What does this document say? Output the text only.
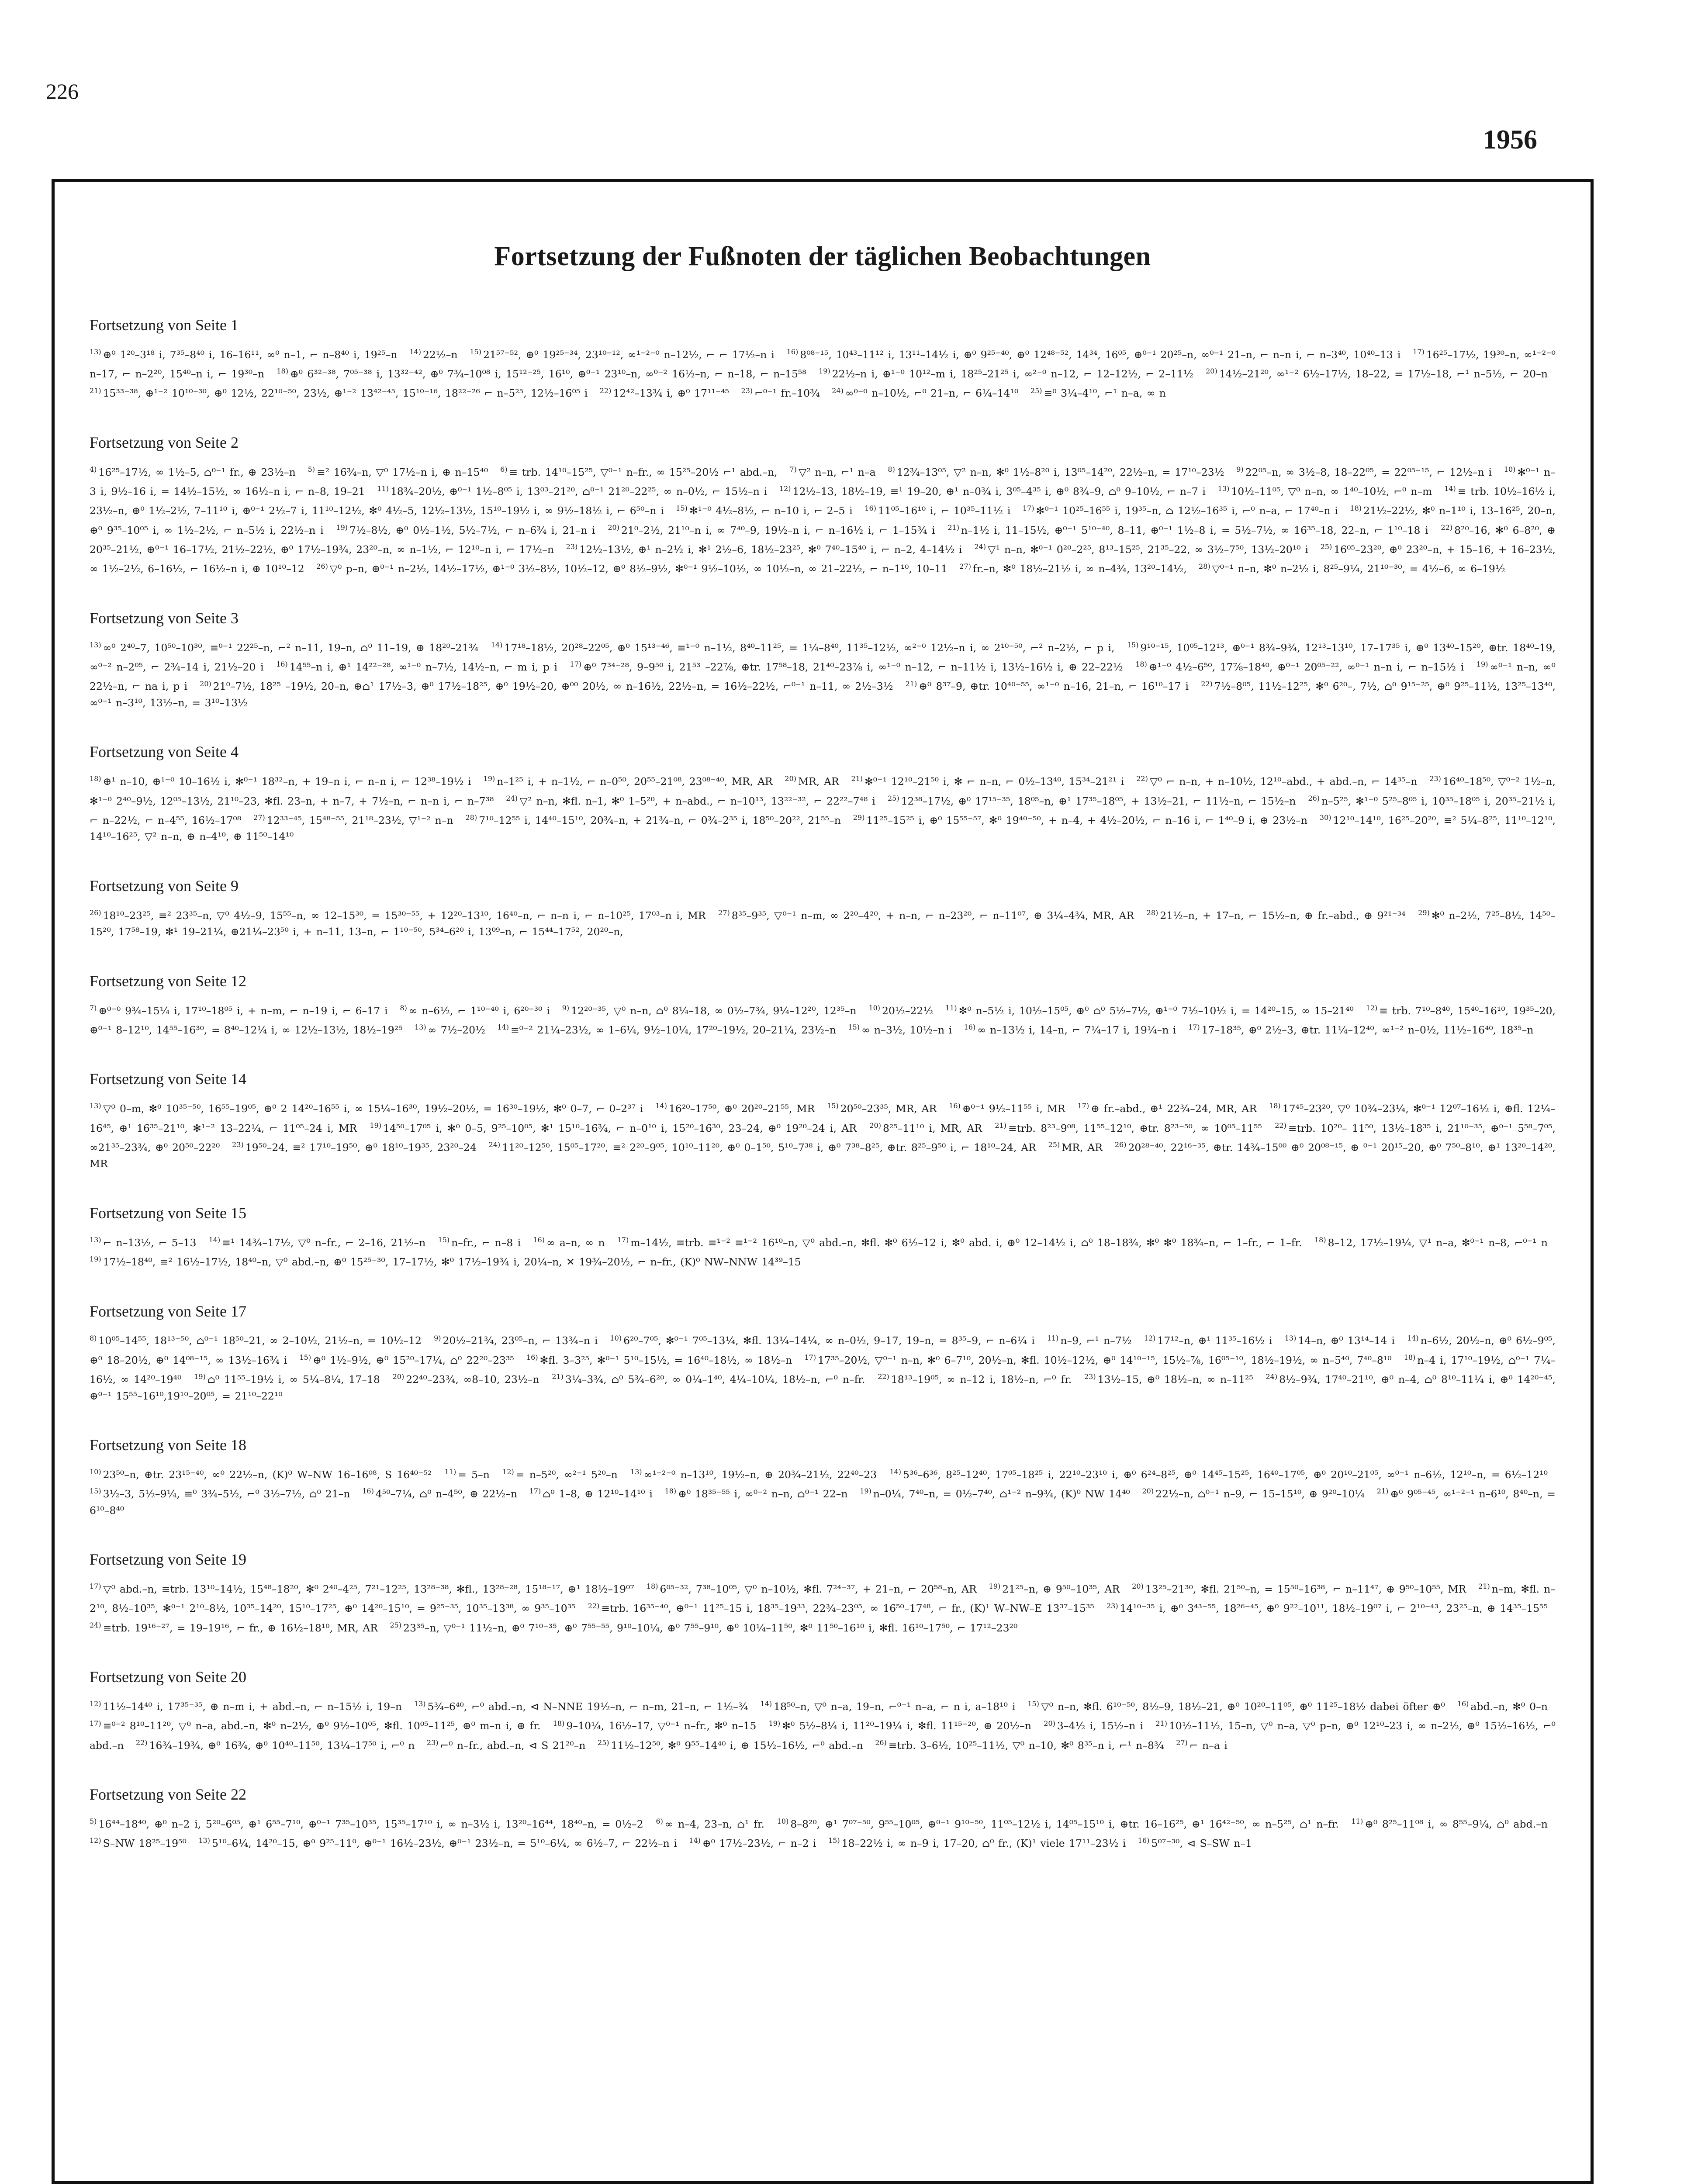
226
1956
Fortsetzung der Fußnoten der täglichen Beobachtungen
Fortsetzung von Seite 1
$^{13)}$ ⊕⁰ 1²⁰–3¹⁸ i, 7³⁵–8⁴⁰ i, 16–16¹¹, ∞⁰ n–1, ⌐ n–8⁴⁰ i, 19²⁵–n $^{14)}$ 22½–n $^{15)}$ 21⁵⁷⁻⁵², ⊕⁰ 19²⁵⁻³⁴, 23¹⁰⁻¹², ∞¹⁻²⁻⁰ n–12½, ⌐ ⌐ 17½–n i $^{16)}$ 8⁰⁸⁻¹⁵, 10⁴³–11¹² i, 13¹¹–14½ i, ⊕⁰ 9²⁵⁻⁴⁰, ⊕⁰ 12⁴⁸⁻⁵², 14³⁴, 16⁰⁵, ⊕⁰⁻¹ 20²⁵–n, ∞⁰⁻¹ 21–n, ⌐ n–n i, ⌐ n–3⁴⁰, 10⁴⁰–13 i $^{17)}$ 16²⁵–17½, 19³⁰–n, ∞¹⁻²⁻⁰ n–17, ⌐ n–2²⁰, 15⁴⁰–n i, ⌐ 19³⁰–n $^{18)}$ ⊕⁰ 6³²⁻³⁸, 7⁰⁵⁻³⁸ i, 13³²⁻⁴², ⊕⁰ 7¾–10⁰⁸ i, 15¹²⁻²⁵, 16¹⁰, ⊕⁰⁻¹ 23¹⁰–n, ∞⁰⁻² 16½–n, ⌐ n–18, ⌐ n–15⁵⁸ $^{19)}$ 22½–n i, ⊕¹⁻⁰ 10¹²–m i, 18²⁵–21²⁵ i, ∞²⁻⁰ n–12, ⌐ 12–12½, ⌐ 2–11½ $^{20)}$ 14½–21²⁰, ∞¹⁻² 6½–17½, 18–22, = 17½–18, ⌐¹ n–5½, ⌐ 20–n $^{21)}$ 15³³⁻³⁸, ⊕¹⁻² 10¹⁰⁻³⁰, ⊕⁰ 12½, 22¹⁰⁻⁵⁰, 23½, ⊕¹⁻² 13⁴²⁻⁴⁵, 15¹⁰⁻¹⁶, 18²²⁻²⁶ ⌐ n–5²⁵, 12½–16⁰⁵ i $^{22)}$ 12⁴²–13¾ i, ⊕⁰ 17¹¹⁻⁴⁵ $^{23)}$ ⌐⁰⁻¹ fr.–10¾ $^{24)}$ ∞⁰⁻⁰ n–10½, ⌐⁰ 21–n, ⌐ 6¼–14¹⁰ $^{25)}$ ≡⁰ 3¼–4¹⁰, ⌐¹ n–a, ∞ n
Fortsetzung von Seite 2
$^{4)}$ 16²⁵–17½, ∞ 1½–5, ⌂⁰⁻¹ fr., ⊕ 23½–n $^{5)}$ ≡² 16¾–n, ▽⁰ 17½–n i, ⊕ n–15⁴⁰ $^{6)}$ ≡ trb. 14¹⁰–15²⁵, ▽⁰⁻¹ n–fr., ∞ 15²⁵–20½ ⌐¹ abd.–n, $^{7)}$ ▽² n–n, ⌐¹ n–a $^{8)}$ 12¾–13⁰⁵, ▽² n–n, ✻⁰ 1½–8²⁰ i, 13⁰⁵–14²⁰, 22½–n, = 17¹⁰–23½ $^{9)}$ 22⁰⁵–n, ∞ 3½–8, 18–22⁰⁵, = 22⁰⁵⁻¹⁵, ⌐ 12½–n i $^{10)}$ ✻⁰⁻¹ n–3 i, 9½–16 i, = 14½–15½, ∞ 16½–n i, ⌐ n–8, 19–21 $^{11)}$ 18¾–20½, ⊕⁰⁻¹ 1½–8⁰⁵ i, 13⁰³–21²⁰, ⌂⁰⁻¹ 21²⁰–22²⁵, ∞ n–0½, ⌐ 15½–n i $^{12)}$ 12½–13, 18½–19, ≡¹ 19–20, ⊕¹ n–0¾ i, 3⁰⁵–4³⁵ i, ⊕⁰ 8¾–9, ⌂⁰ 9–10½, ⌐ n–7 i $^{13)}$ 10½–11⁰⁵, ▽⁰ n–n, ∞ 1⁴⁰–10½, ⌐⁰ n–m $^{14)}$ ≡ trb. 10½–16½ i, 23½–n, ⊕⁰ 1½–2½, 7–11¹⁰ i, ⊕⁰⁻¹ 2½–7 i, 11¹⁰–12½, ✻⁰ 4½–5, 12½–13½, 15¹⁰–19½ i, ∞ 9½–18½ i, ⌐ 6⁵⁰–n i $^{15)}$ ✻¹⁻⁰ 4½–8½, ⌐ n–10 i, ⌐ 2–5 i $^{16)}$ 11⁰⁵–16¹⁰ i, ⌐ 10³⁵–11½ i $^{17)}$ ✻⁰⁻¹ 10²⁵–16⁵⁵ i, 19³⁵–n, ⌂ 12½–16³⁵ i, ⌐⁰ n–a, ⌐ 17⁴⁰–n i $^{18)}$ 21½–22½, ✻⁰ n–1¹⁰ i, 13–16²⁵, 20–n, ⊕⁰ 9³⁵–10⁰⁵ i, ∞ 1½–2½, ⌐ n–5½ i, 22½–n i $^{19)}$ 7½–8½, ⊕⁰ 0½–1½, 5½–7½, ⌐ n–6¾ i, 21–n i $^{20)}$ 21⁰–2½, 21¹⁰–n i, ∞ 7⁴⁰–9, 19½–n i, ⌐ n–16½ i, ⌐ 1–15¾ i $^{21)}$ n–1½ i, 11–15½, ⊕⁰⁻¹ 5¹⁰⁻⁴⁰, 8–11, ⊕⁰⁻¹ 1½–8 i, = 5½–7½, ∞ 16³⁵–18, 22–n, ⌐ 1¹⁰–18 i $^{22)}$ 8²⁰–16, ✻⁰ 6–8²⁰, ⊕ 20³⁵–21½, ⊕⁰⁻¹ 16–17½, 21½–22½, ⊕⁰ 17½–19¾, 23²⁰–n, ∞ n–1½, ⌐ 12¹⁰–n i, ⌐ 17½–n $^{23)}$ 12½–13½, ⊕¹ n–2½ i, ✻¹ 2½–6, 18½–23²⁵, ✻⁰ 7⁴⁰–15⁴⁰ i, ⌐ n–2, 4–14½ i $^{24)}$ ▽¹ n–n, ✻⁰⁻¹ 0²⁰–2²⁵, 8¹³–15²⁵, 21³⁵–22, ∞ 3½–7⁵⁰, 13½–20¹⁰ i $^{25)}$ 16⁰⁵–23²⁰, ⊕⁰ 23²⁰–n, + 15–16, + 16–23½, ∞ 1½–2½, 6–16½, ⌐ 16½–n i, ⊕ 10¹⁰–12 $^{26)}$ ▽⁰ p–n, ⊕⁰⁻¹ n–2½, 14½–17½, ⊕¹⁻⁰ 3½–8½, 10½–12, ⊕⁰ 8½–9½, ✻⁰⁻¹ 9½–10½, ∞ 10½–n, ∞ 21–22½, ⌐ n–1¹⁰, 10–11 $^{27)}$ fr.–n, ✻⁰ 18½–21½ i, ∞ n–4¾, 13²⁰–14½, $^{28)}$ ▽⁰⁻¹ n–n, ✻⁰ n–2½ i, 8²⁵–9¼, 21¹⁰⁻³⁰, = 4½–6, ∞ 6–19½
Fortsetzung von Seite 3
$^{13)}$ ∞⁰ 2⁴⁰–7, 10⁵⁰–10³⁰, ≡⁰⁻¹ 22²⁵–n, ⌐² n–11, 19–n, ⌂⁰ 11–19, ⊕ 18²⁰–21¾ $^{14)}$ 17¹⁸–18½, 20²⁸–22⁰⁵, ⊕⁰ 15¹³⁻⁴⁶, ≡¹⁻⁰ n–1½, 8⁴⁰–11²⁵, = 1¼–8⁴⁰, 11³⁵–12½, ∞²⁻⁰ 12½–n i, ∞ 2¹⁰⁻⁵⁰, ⌐² n–2½, ⌐ p i, $^{15)}$ 9¹⁰⁻¹⁵, 10⁰⁵–12¹³, ⊕⁰⁻¹ 8¾–9¾, 12¹³–13¹⁰, 17–17³⁵ i, ⊕⁰ 13⁴⁰–15²⁰, ⊕tr. 18⁴⁰–19, ∞⁰⁻² n–2⁰⁵, ⌐ 2¾–14 i, 21½–20 i $^{16)}$ 14⁵⁵–n i, ⊕¹ 14²²⁻²⁸, ∞¹⁻⁰ n–7½, 14½–n, ⌐ m i, p i $^{17)}$ ⊕⁰ 7³⁴⁻²⁸, 9–9⁵⁰ i, 21⁵³ –22⅞, ⊕tr. 17⁵⁸–18, 21⁴⁰–23⅞ i, ∞¹⁻⁰ n–12, ⌐ n–11½ i, 13½–16½ i, ⊕ 22–22½ $^{18)}$ ⊕¹⁻⁰ 4½–6⁵⁰, 17⅞–18⁴⁰, ⊕⁰⁻¹ 20⁰⁵⁻²², ∞⁰⁻¹ n–n i, ⌐ n–15½ i $^{19)}$ ∞⁰⁻¹ n–n, ∞⁰ 22½–n, ⌐ na i, p i $^{20)}$ 21⁰–7½, 18²⁵ –19½, 20–n, ⊕⌂¹ 17½–3, ⊕⁰ 17½–18²⁵, ⊕⁰ 19½–20, ⊕⁰⁰ 20½, ∞ n–16½, 22½–n, = 16½–22½, ⌐⁰⁻¹ n–11, ∞ 2½–3½ $^{21)}$ ⊕⁰ 8³⁷–9, ⊕tr. 10⁴⁰⁻⁵⁵, ∞¹⁻⁰ n–16, 21–n, ⌐ 16¹⁰–17 i $^{22)}$ 7½–8⁰⁵, 11½–12²⁵, ✻⁰ 6²⁰–, 7½, ⌂⁰ 9¹⁵⁻²⁵, ⊕⁰ 9²⁵–11½, 13²⁵–13⁴⁰, ∞⁰⁻¹ n–3¹⁰, 13½–n, = 3¹⁰–13½
Fortsetzung von Seite 4
$^{18)}$ ⊕¹ n–10, ⊕¹⁻⁰ 10–16½ i, ✻⁰⁻¹ 18³²–n, + 19–n i, ⌐ n–n i, ⌐ 12³⁸–19½ i $^{19)}$ n–1²⁵ i, + n–1½, ⌐ n–0⁵⁰, 20⁵⁵–21⁰⁸, 23⁰⁸⁻⁴⁰, MR, AR $^{20)}$ MR, AR $^{21)}$ ✻⁰⁻¹ 12¹⁰–21⁵⁰ i, ✻ ⌐ n–n, ⌐ 0½–13⁴⁰, 15³⁴–21²¹ i $^{22)}$ ▽⁰ ⌐ n–n, + n–10½, 12¹⁰–abd., + abd.–n, ⌐ 14³⁵–n $^{23)}$ 16⁴⁰–18⁵⁰, ▽⁰⁻² 1½–n, ✻¹⁻⁰ 2⁴⁰–9½, 12⁰⁵–13½, 21¹⁰–23, ✻fl. 23–n, + n–7, + 7½–n, ⌐ n–n i, ⌐ n–7³⁸ $^{24)}$ ▽² n–n, ✻fl. n–1, ✻⁰ 1–5²⁰, + n–abd., ⌐ n–10¹³, 13²²⁻³², ⌐ 22²²–7⁴⁸ i $^{25)}$ 12³⁸–17½, ⊕⁰ 17¹⁵⁻³⁵, 18⁰⁵–n, ⊕¹ 17³⁵–18⁰⁵, + 13½–21, ⌐ 11½–n, ⌐ 15½–n $^{26)}$ n–5²⁵, ✻¹⁻⁰ 5²⁵–8⁰⁵ i, 10³⁵–18⁰⁵ i, 20³⁵–21½ i, ⌐ n–22½, ⌐ n–4⁵⁵, 16½–17⁰⁸ $^{27)}$ 12³³⁻⁴⁵, 15⁴⁸⁻⁵⁵, 21¹⁸–23½, ▽¹⁻² n–n $^{28)}$ 7¹⁰–12⁵⁵ i, 14⁴⁰–15¹⁰, 20¾–n, + 21¾–n, ⌐ 0¾–2³⁵ i, 18⁵⁰–20²², 21⁵⁵–n $^{29)}$ 11²⁵–15²⁵ i, ⊕⁰ 15⁵⁵⁻⁵⁷, ✻⁰ 19⁴⁰⁻⁵⁰, + n–4, + 4½–20½, ⌐ n–16 i, ⌐ 1⁴⁰–9 i, ⊕ 23½–n $^{30)}$ 12¹⁰–14¹⁰, 16²⁵–20²⁰, ≡² 5¼–8²⁵, 11¹⁰–12¹⁰, 14¹⁰–16²⁵, ▽² n–n, ⊕ n–4¹⁰, ⊕ 11⁵⁰–14¹⁰
Fortsetzung von Seite 9
$^{26)}$ 18¹⁰–23²⁵, ≡² 23³⁵–n, ▽⁰ 4½–9, 15⁵⁵–n, ∞ 12–15³⁰, = 15³⁰⁻⁵⁵, + 12²⁰–13¹⁰, 16⁴⁰–n, ⌐ n–n i, ⌐ n–10²⁵, 17⁰³–n i, MR $^{27)}$ 8³⁵–9³⁵, ▽⁰⁻¹ n–m, ∞ 2²⁰–4²⁰, + n–n, ⌐ n–23²⁰, ⌐ n–11⁰⁷, ⊕ 3¼–4¾, MR, AR $^{28)}$ 21½–n, + 17–n, ⌐ 15½–n, ⊕ fr.–abd., ⊕ 9²¹⁻³⁴ $^{29)}$ ✻⁰ n–2½, 7²⁵–8½, 14⁵⁰–15²⁰, 17⁵⁸–19, ✻¹ 19–21¼, ⊕21¼–23⁵⁰ i, + n–11, 13–n, ⌐ 1¹⁰⁻⁵⁰, 5³⁴–6²⁰ i, 13⁰⁹–n, ⌐ 15⁴⁴–17⁵², 20²⁰–n,
Fortsetzung von Seite 12
$^{7)}$ ⊕⁰⁻⁰ 9¾–15¼ i, 17¹⁰–18⁰⁵ i, + n–m, ⌐ n–19 i, ⌐ 6–17 i $^{8)}$ ∞ n–6½, ⌐ 1¹⁰⁻⁴⁰ i, 6²⁰⁻³⁰ i $^{9)}$ 12²⁰⁻³⁵, ▽⁰ n–n, ⌂⁰ 8¼–18, ∞ 0½–7¾, 9¼–12²⁰, 12³⁵–n $^{10)}$ 20½–22½ $^{11)}$ ✻⁰ n–5½ i, 10½–15⁰⁵, ⊕⁰ ⌂⁰ 5½–7½, ⊕¹⁻⁰ 7½–10½ i, = 14²⁰–15, ∞ 15–21⁴⁰ $^{12)}$ ≡ trb. 7¹⁰–8⁴⁰, 15⁴⁰–16¹⁰, 19³⁵–20, ⊕⁰⁻¹ 8–12¹⁰, 14⁵⁵–16³⁰, = 8⁴⁰–12¼ i, ∞ 12½–13½, 18½–19²⁵ $^{13)}$ ∞ 7½–20½ $^{14)}$ ≡⁰⁻² 21¼–23½, ∞ 1–6¼, 9½–10¼, 17²⁰–19½, 20–21¼, 23½–n $^{15)}$ ∞ n–3½, 10½–n i $^{16)}$ ∞ n–13½ i, 14–n, ⌐ 7¼–17 i, 19¼–n i $^{17)}$ 17–18³⁵, ⊕⁰ 2½–3, ⊕tr. 11¼–12⁴⁰, ∞¹⁻² n–0½, 11½–16⁴⁰, 18³⁵–n
Fortsetzung von Seite 14
$^{13)}$ ▽⁰ 0–m, ✻⁰ 10³⁵⁻⁵⁰, 16⁵⁵–19⁰⁵, ⊕⁰ 2 14²⁰–16⁵⁵ i, ∞ 15¼–16³⁰, 19½–20½, = 16³⁰–19½, ✻⁰ 0–7, ⌐ 0–2³⁷ i $^{14)}$ 16²⁰–17⁵⁰, ⊕⁰ 20²⁰–21⁵⁵, MR $^{15)}$ 20⁵⁰–23³⁵, MR, AR $^{16)}$ ⊕⁰⁻¹ 9½–11⁵⁵ i, MR $^{17)}$ ⊕ fr.–abd., ⊕¹ 22¾–24, MR, AR $^{18)}$ 17⁴⁵–23²⁰, ▽⁰ 10¾–23¼, ✻⁰⁻¹ 12⁰⁷–16½ i, ⊕fl. 12¼–16⁴⁵, ⊕¹ 16³⁵–21¹⁰, ✻¹⁻² 13–22¼, ⌐ 11⁰⁵–24 i, MR $^{19)}$ 14⁵⁰–17⁰⁵ i, ✻⁰ 0–5, 9²⁵–10⁰⁵, ✻¹ 15¹⁰–16¾, ⌐ n–0¹⁰ i, 15²⁰–16³⁰, 23–24, ⊕⁰ 19²⁰–24 i, AR $^{20)}$ 8²⁵–11¹⁰ i, MR, AR $^{21)}$ ≡trb. 8²³–9⁰⁸, 11⁵⁵–12¹⁰, ⊕tr. 8²³⁻⁵⁰, ∞ 10⁰⁵–11⁵⁵ $^{22)}$ ≡trb. 10²⁰– 11⁵⁰, 13½–18³⁵ i, 21¹⁰⁻³⁵, ⊕⁰⁻¹ 5⁵⁸–7⁰⁵, ∞21³⁵–23¾, ⊕⁰ 20⁵⁰–22²⁰ $^{23)}$ 19⁵⁰–24, ≡² 17¹⁰–19⁵⁰, ⊕⁰ 18¹⁰–19³⁵, 23²⁰–24 $^{24)}$ 11²⁰–12⁵⁰, 15⁰⁵–17²⁰, ≡² 2²⁰–9⁰⁵, 10¹⁰–11²⁰, ⊕⁰ 0–1⁵⁰, 5¹⁰–7³⁸ i, ⊕⁰ 7³⁸–8²⁵, ⊕tr. 8²⁵–9⁵⁰ i, ⌐ 18¹⁰–24, AR $^{25)}$ MR, AR $^{26)}$ 20²⁸⁻⁴⁰, 22¹⁶⁻³⁵, ⊕tr. 14¾–15⁰⁰ ⊕⁰ 20⁰⁸⁻¹⁵, ⊕ ⁰⁻¹ 20¹⁵–20, ⊕⁰ 7⁵⁰–8¹⁰, ⊕¹ 13²⁰–14²⁰, MR
Fortsetzung von Seite 15
$^{13)}$ ⌐ n–13½, ⌐ 5–13 $^{14)}$ ≡¹ 14¾–17½, ▽⁰ n–fr., ⌐ 2–16, 21½–n $^{15)}$ n–fr., ⌐ n–8 i $^{16)}$ ∞ a–n, ∞ n $^{17)}$ m–14½, ≡trb. ≡¹⁻² ≡¹⁻² 16¹⁰–n, ▽⁰ abd.–n, ✻fl. ✻⁰ 6½–12 i, ✻⁰ abd. i, ⊕⁰ 12–14½ i, ⌂⁰ 18–18¾, ✻⁰ ✻⁰ 18¾–n, ⌐ 1–fr., ⌐ 1–fr. $^{18)}$ 8–12, 17½–19¼, ▽¹ n–a, ✻⁰⁻¹ n–8, ⌐⁰⁻¹ n $^{19)}$ 17½–18⁴⁰, ≡² 16½–17½, 18⁴⁰–n, ▽⁰ abd.–n, ⊕⁰ 15²⁵⁻³⁰, 17–17½, ✻⁰ 17½–19¾ i, 20¼–n, ✕ 19¾–20½, ⌐ n–fr., (K)⁰ NW–NNW 14³⁹–15
Fortsetzung von Seite 17
$^{8)}$ 10⁰⁵–14⁵⁵, 18¹³⁻⁵⁰, ⌂⁰⁻¹ 18⁵⁰–21, ∞ 2–10½, 21½–n, = 10½–12 $^{9)}$ 20½–21¾, 23⁰⁵–n, ⌐ 13¾–n i $^{10)}$ 6²⁰–7⁰⁵, ✻⁰⁻¹ 7⁰⁵–13¼, ✻fl. 13¼–14¼, ∞ n–0½, 9–17, 19–n, = 8³⁵–9, ⌐ n–6¼ i $^{11)}$ n–9, ⌐¹ n–7½ $^{12)}$ 17¹²–n, ⊕¹ 11³⁵–16½ i $^{13)}$ 14–n, ⊕⁰ 13¹⁴–14 i $^{14)}$ n–6½, 20½–n, ⊕⁰ 6½–9⁰⁵, ⊕⁰ 18–20½, ⊕⁰ 14⁰⁸⁻¹⁵, ∞ 13½–16¾ i $^{15)}$ ⊕⁰ 1½–9½, ⊕⁰ 15²⁰–17¼, ⌂⁰ 22²⁰–23³⁵ $^{16)}$ ✻fl. 3–3²⁵, ✻⁰⁻¹ 5¹⁰–15½, = 16⁴⁰–18½, ∞ 18½–n $^{17)}$ 17³⁵–20½, ▽⁰⁻¹ n–n, ✻⁰ 6–7¹⁰, 20½–n, ✻fl. 10½–12½, ⊕⁰ 14¹⁰⁻¹⁵, 15½–⅞, 16⁰⁵⁻¹⁰, 18½–19½, ∞ n–5⁴⁰, 7⁴⁰–8¹⁰ $^{18)}$ n–4 i, 17¹⁰–19½, ⌂⁰⁻¹ 7¼–16½, ∞ 14²⁰–19⁴⁰ $^{19)}$ ⌂⁰ 11⁵⁵–19½ i, ∞ 5¼–8¼, 17–18 $^{20)}$ 22⁴⁰–23¾, ∞8–10, 23½–n $^{21)}$ 3¼–3¾, ⌂⁰ 5¾–6²⁰, ∞ 0¼–1⁴⁰, 4¼–10¼, 18½–n, ⌐⁰ n–fr. $^{22)}$ 18¹³–19⁰⁵, ∞ n–12 i, 18½–n, ⌐⁰ fr. $^{23)}$ 13½–15, ⊕⁰ 18½–n, ∞ n–11²⁵ $^{24)}$ 8½–9¾, 17⁴⁰–21¹⁰, ⊕⁰ n–4, ⌂⁰ 8¹⁰–11¼ i, ⊕⁰ 14²⁰⁻⁴⁵, ⊕⁰⁻¹ 15⁵⁵–16¹⁰,19¹⁰–20⁰⁵, = 21¹⁰–22¹⁰
Fortsetzung von Seite 18
$^{10)}$ 23⁵⁰–n, ⊕tr. 23¹⁵⁻⁴⁰, ∞⁰ 22½–n, (K)⁰ W–NW 16–16⁰⁸, S 16⁴⁰⁻⁵² $^{11)}$ = 5–n $^{12)}$ = n–5²⁰, ∞²⁻¹ 5²⁰–n $^{13)}$ ∞¹⁻²⁻⁰ n–13¹⁰, 19½–n, ⊕ 20¾–21½, 22⁴⁰–23 $^{14)}$ 5³⁶–6³⁶, 8²⁵–12⁴⁰, 17⁰⁵–18²⁵ i, 22¹⁰–23¹⁰ i, ⊕⁰ 6²⁴–8²⁵, ⊕⁰ 14⁴⁵–15²⁵, 16⁴⁰–17⁰⁵, ⊕⁰ 20¹⁰–21⁰⁵, ∞⁰⁻¹ n–6½, 12¹⁰–n, = 6½–12¹⁰ $^{15)}$ 3½–3, 5½–9¼, ≡⁰ 3¾–5½, ⌐⁰ 3½–7½, ⌂⁰ 21–n $^{16)}$ 4⁵⁰–7¼, ⌂⁰ n–4⁵⁰, ⊕ 22½–n $^{17)}$ ⌂⁰ 1–8, ⊕ 12¹⁰–14¹⁰ i $^{18)}$ ⊕⁰ 18³⁵⁻⁵⁵ i, ∞⁰⁻² n–n, ⌂⁰⁻¹ 22–n $^{19)}$ n–0¼, 7⁴⁰–n, = 0½–7⁴⁰, ⌂¹⁻² n–9¾, (K)⁰ NW 14⁴⁰ $^{20)}$ 22½–n, ⌂⁰⁻¹ n–9, ⌐ 15–15¹⁰, ⊕ 9²⁰–10¼ $^{21)}$ ⊕⁰ 9⁰⁵⁻⁴⁵, ∞¹⁻²⁻¹ n–6¹⁰, 8⁴⁰–n, = 6¹⁰–8⁴⁰
Fortsetzung von Seite 19
$^{17)}$ ▽⁰ abd.–n, ≡trb. 13¹⁰–14½, 15⁴⁸–18²⁰, ✻⁰ 2⁴⁰–4²⁵, 7²¹–12²⁵, 13²⁸⁻³⁸, ✻fl., 13²⁸⁻²⁸, 15¹⁸⁻¹⁷, ⊕¹ 18½–19⁰⁷ $^{18)}$ 6⁰⁵⁻³², 7³⁸–10⁰⁵, ▽⁰ n–10½, ✻fl. 7²⁴⁻³⁷, + 21–n, ⌐ 20⁵⁸–n, AR $^{19)}$ 21²⁵–n, ⊕ 9⁵⁰–10³⁵, AR $^{20)}$ 13²⁵–21³⁰, ✻fl. 21⁵⁰–n, = 15⁵⁰–16³⁸, ⌐ n–11⁴⁷, ⊕ 9⁵⁰–10⁵⁵, MR $^{21)}$ n–m, ✻fl. n–2¹⁰, 8½–10³⁵, ✻⁰⁻¹ 2¹⁰–8½, 10³⁵–14²⁰, 15¹⁰–17²⁵, ⊕⁰ 14²⁰–15¹⁰, = 9²⁵⁻³⁵, 10³⁵–13³⁸, ∞ 9³⁵–10³⁵ $^{22)}$ ≡trb. 16³⁵⁻⁴⁰, ⊕⁰⁻¹ 11²⁵–15 i, 18³⁵–19³³, 22¾–23⁰⁵, ∞ 16⁵⁰–17⁴⁸, ⌐ fr., (K)¹ W–NW–E 13³⁷–15³⁵ $^{23)}$ 14¹⁰⁻³⁵ i, ⊕⁰ 3⁴³⁻⁵⁵, 18²⁶⁻⁴⁵, ⊕⁰ 9²²–10¹¹, 18½–19⁰⁷ i, ⌐ 2¹⁰⁻⁴³, 23²⁵–n, ⊕ 14³⁵–15⁵⁵ $^{24)}$ ≡trb. 19¹⁶⁻²⁷, = 19–19¹⁶, ⌐ fr., ⊕ 16½–18¹⁰, MR, AR $^{25)}$ 23³⁵–n, ▽⁰⁻¹ 11½–n, ⊕⁰ 7¹⁰⁻³⁵, ⊕⁰ 7⁵⁵⁻⁵⁵, 9¹⁰–10¼, ⊕⁰ 7⁵⁵–9¹⁰, ⊕⁰ 10¼–11⁵⁰, ✻⁰ 11⁵⁰–16¹⁰ i, ✻fl. 16¹⁰–17⁵⁰, ⌐ 17¹²–23²⁰
Fortsetzung von Seite 20
$^{12)}$ 11½–14⁴⁰ i, 17³⁵⁻³⁵, ⊕ n–m i, + abd.–n, ⌐ n–15½ i, 19–n $^{13)}$ 5¾–6⁴⁰, ⌐⁰ abd.–n, ⊲ N–NNE 19½–n, ⌐ n–m, 21–n, ⌐ 1½–¾ $^{14)}$ 18⁵⁰–n, ▽⁰ n–a, 19–n, ⌐⁰⁻¹ n–a, ⌐ n i, a–18¹⁰ i $^{15)}$ ▽⁰ n–n, ✻fl. 6¹⁰⁻⁵⁰, 8½–9, 18½–21, ⊕⁰ 10²⁰–11⁰⁵, ⊕⁰ 11²⁵–18½ dabei öfter ⊕⁰ $^{16)}$ abd.–n, ✻⁰ 0–n $^{17)}$ ≡⁰⁻² 8¹⁰–11²⁰, ▽⁰ n–a, abd.–n, ✻⁰ n–2½, ⊕⁰ 9½–10⁰⁵, ✻fl. 10⁰⁵–11²⁵, ⊕⁰ m–n i, ⊕ fr. $^{18)}$ 9–10¼, 16½–17, ▽⁰⁻¹ n–fr., ✻⁰ n–15 $^{19)}$ ✻⁰ 5½–8¼ i, 11²⁰–19¼ i, ✻fl. 11¹⁵⁻²⁰, ⊕ 20½–n $^{20)}$ 3–4½ i, 15½–n i $^{21)}$ 10½–11½, 15–n, ▽⁰ n–a, ▽⁰ p–n, ⊕⁰ 12¹⁰–23 i, ∞ n–2½, ⊕⁰ 15½–16½, ⌐⁰ abd.–n $^{22)}$ 16¾–19¾, ⊕⁰ 16¾, ⊕⁰ 10⁴⁰–11⁵⁰, 13¼–17⁵⁰ i, ⌐⁰ n $^{23)}$ ⌐⁰ n–fr., abd.–n, ⊲ S 21²⁰–n $^{25)}$ 11½–12⁵⁰, ✻⁰ 9⁵⁵–14⁴⁰ i, ⊕ 15½–16½, ⌐⁰ abd.–n $^{26)}$ ≡trb. 3–6½, 10²⁵–11½, ▽⁰ n–10, ✻⁰ 8³⁵–n i, ⌐¹ n–8¾ $^{27)}$ ⌐ n–a i
Fortsetzung von Seite 22
$^{5)}$ 16⁴⁴–18⁴⁰, ⊕⁰ n–2 i, 5²⁰–6⁰⁵, ⊕¹ 6⁵⁵–7¹⁰, ⊕⁰⁻¹ 7³⁵–10³⁵, 15³⁵–17¹⁰ i, ∞ n–3½ i, 13²⁰–16⁴⁴, 18⁴⁰–n, = 0½–2 $^{6)}$ ∞ n–4, 23–n, ⌂¹ fr. $^{10)}$ 8–8²⁰, ⊕¹ 7⁰⁷⁻⁵⁰, 9⁵⁵–10⁰⁵, ⊕⁰⁻¹ 9¹⁰⁻⁵⁰, 11⁰⁵–12½ i, 14⁰⁵–15¹⁰ i, ⊕tr. 16–16²⁵, ⊕¹ 16⁴²⁻⁵⁰, ∞ n–5²⁵, ⌂¹ n–fr. $^{11)}$ ⊕⁰ 8²⁵–11⁰⁸ i, ∞ 8⁵⁵–9¼, ⌂⁰ abd.–n $^{12)}$ S–NW 18²⁵–19⁵⁰ $^{13)}$ 5¹⁰–6¼, 14²⁰–15, ⊕⁰ 9²⁵–11⁰, ⊕⁰⁻¹ 16½–23½, ⊕⁰⁻¹ 23½–n, = 5¹⁰–6¼, ∞ 6½–7, ⌐ 22½–n i $^{14)}$ ⊕⁰ 17½–23½, ⌐ n–2 i $^{15)}$ 18–22½ i, ∞ n–9 i, 17–20, ⌂⁰ fr., (K)¹ viele 17¹¹–23½ i $^{16)}$ 5⁰⁷⁻³⁰, ⊲ S–SW n–1
